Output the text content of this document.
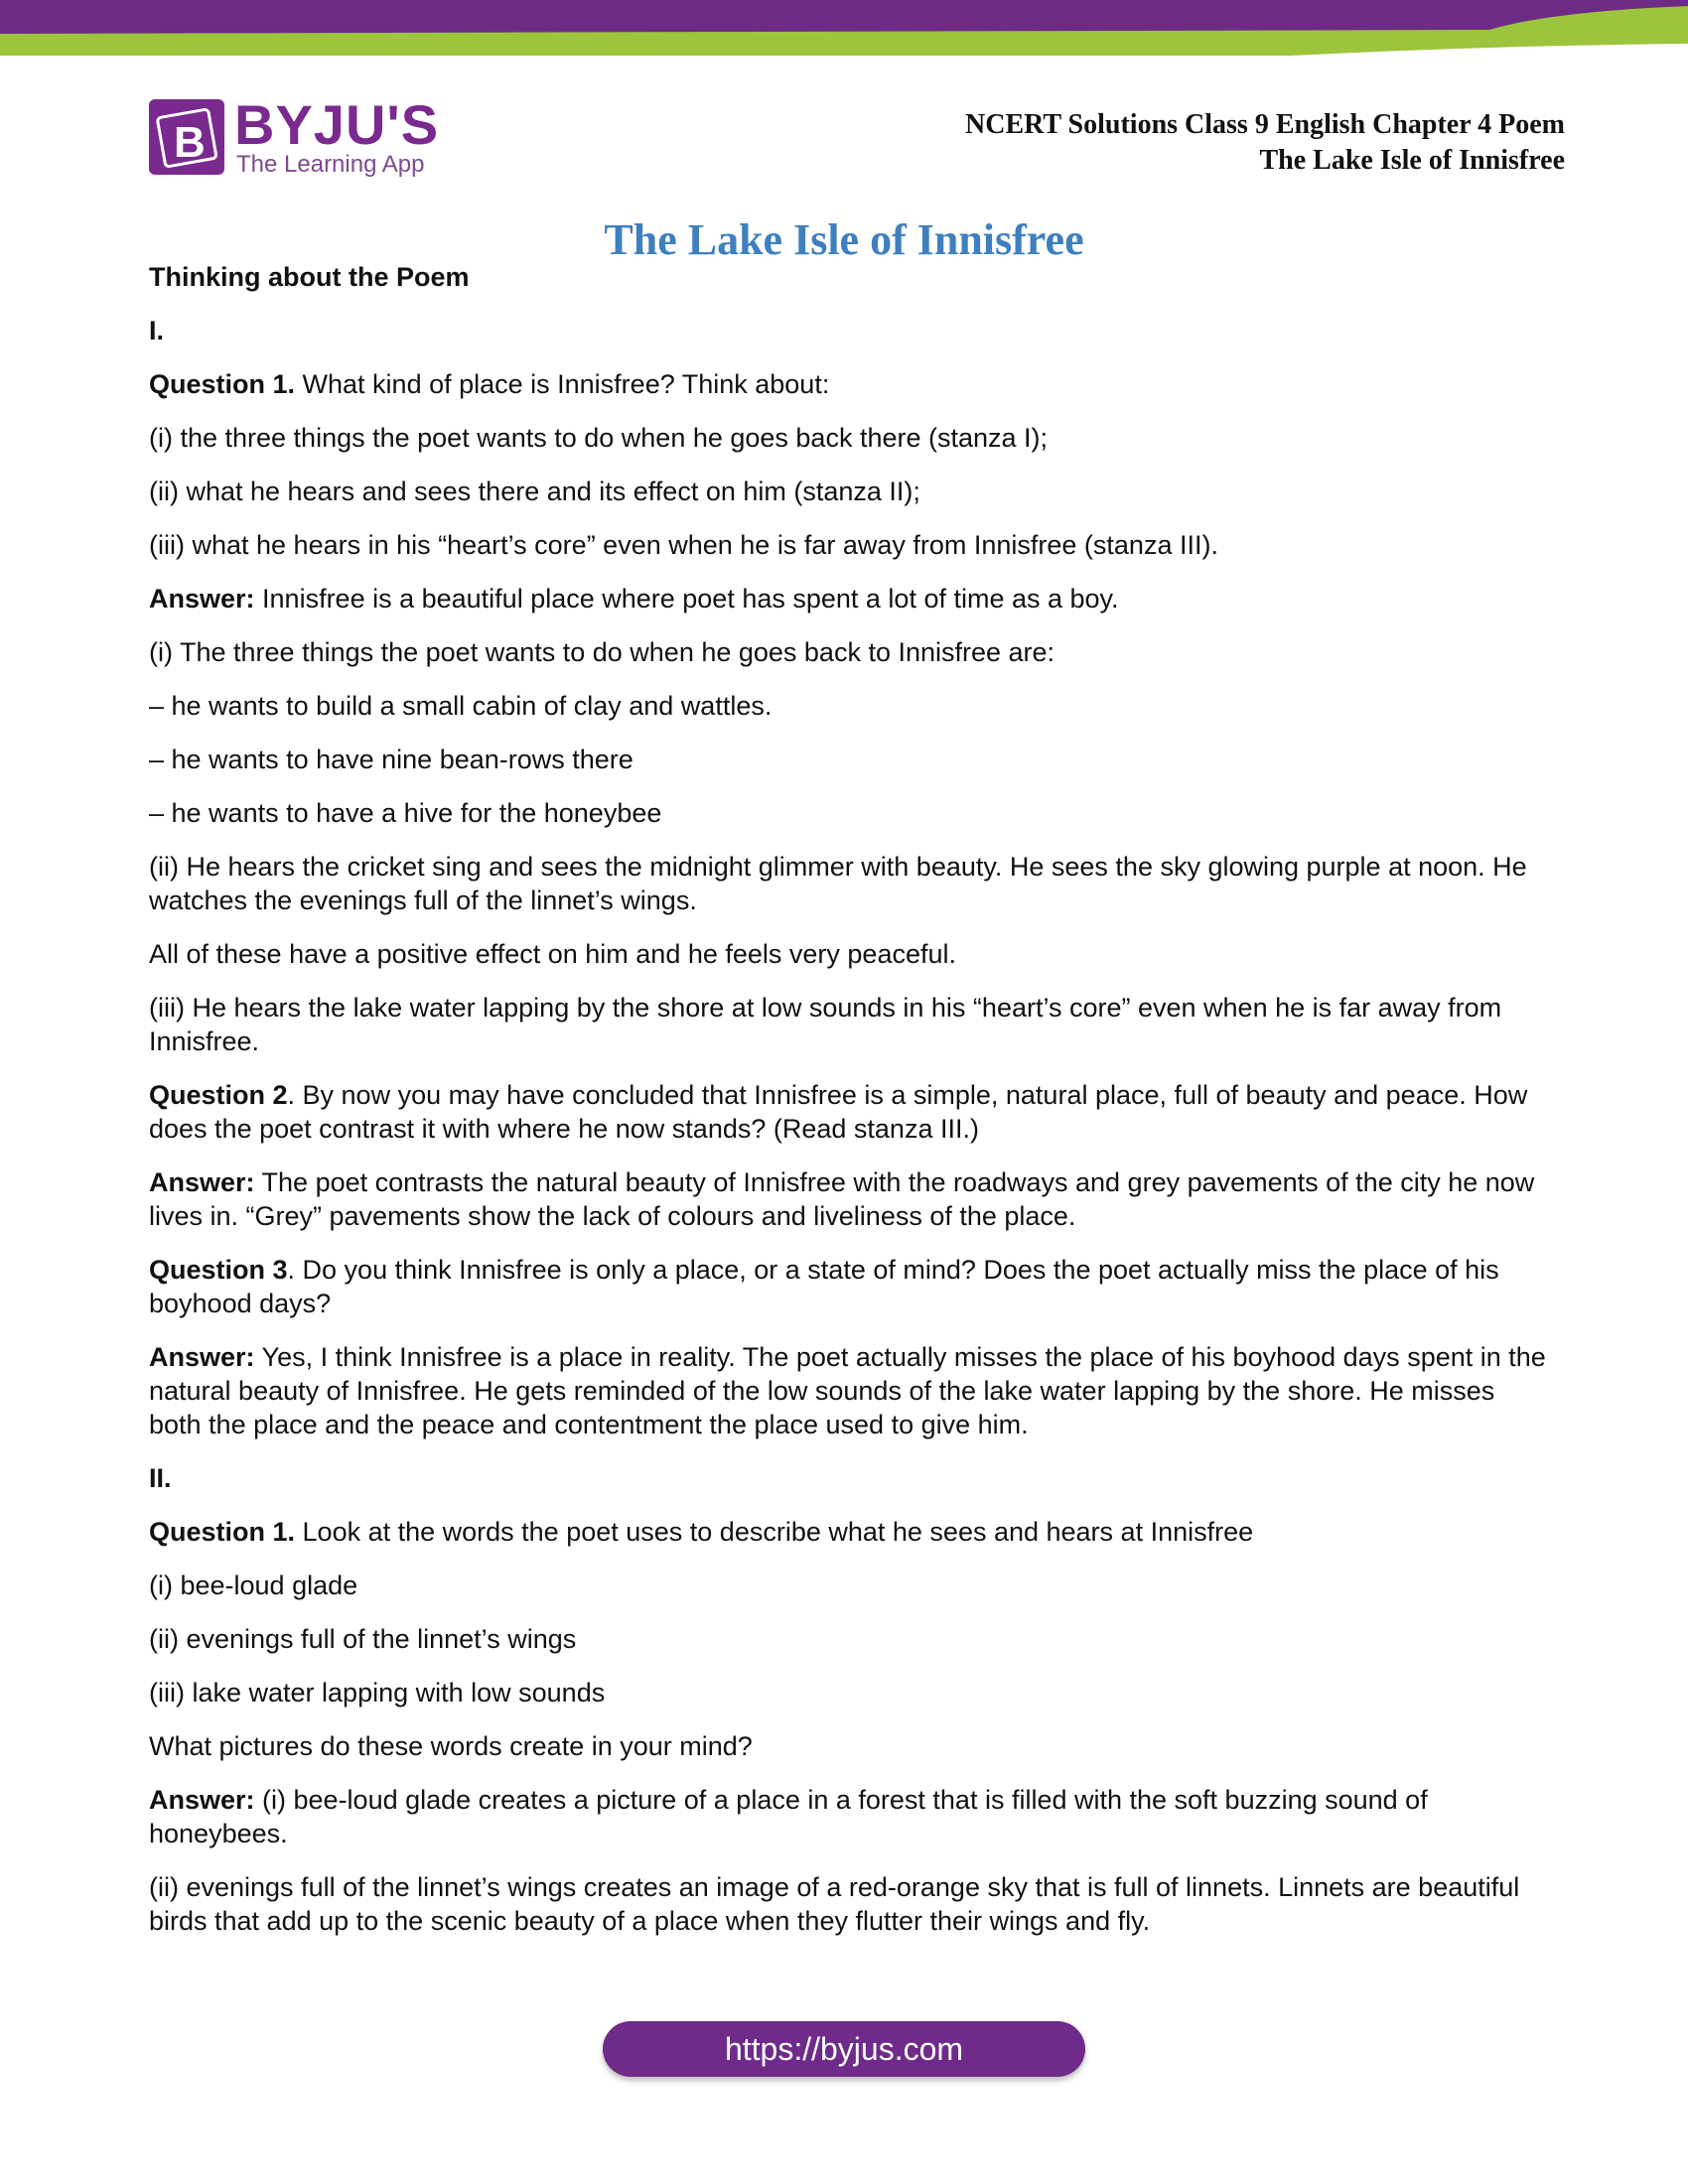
B BYJU'S
The Learning App
NCERT Solutions Class 9 English Chapter 4 Poem
The Lake Isle of Innisfree
The Lake Isle of Innisfree

Thinking about the Poem

I.

Question 1. What kind of place is Innisfree? Think about:

(i) the three things the poet wants to do when he goes back there (stanza I);

(ii) what he hears and sees there and its effect on him (stanza II);

(iii) what he hears in his “heart’s core” even when he is far away from Innisfree (stanza III).

Answer: Innisfree is a beautiful place where poet has spent a lot of time as a boy.

(i) The three things the poet wants to do when he goes back to Innisfree are:

– he wants to build a small cabin of clay and wattles.

– he wants to have nine bean-rows there

– he wants to have a hive for the honeybee

(ii) He hears the cricket sing and sees the midnight glimmer with beauty. He sees the sky glowing purple at noon. He watches the evenings full of the linnet’s wings.

All of these have a positive effect on him and he feels very peaceful.

(iii) He hears the lake water lapping by the shore at low sounds in his “heart’s core” even when he is far away from Innisfree.

Question 2. By now you may have concluded that Innisfree is a simple, natural place, full of beauty and peace. How does the poet contrast it with where he now stands? (Read stanza III.)

Answer: The poet contrasts the natural beauty of Innisfree with the roadways and grey pavements of the city he now lives in. “Grey” pavements show the lack of colours and liveliness of the place.

Question 3. Do you think Innisfree is only a place, or a state of mind? Does the poet actually miss the place of his boyhood days?

Answer: Yes, I think Innisfree is a place in reality. The poet actually misses the place of his boyhood days spent in the natural beauty of Innisfree. He gets reminded of the low sounds of the lake water lapping by the shore. He misses both the place and the peace and contentment the place used to give him.

II.

Question 1. Look at the words the poet uses to describe what he sees and hears at Innisfree

(i) bee-loud glade

(ii) evenings full of the linnet’s wings

(iii) lake water lapping with low sounds

What pictures do these words create in your mind?

Answer: (i) bee-loud glade creates a picture of a place in a forest that is filled with the soft buzzing sound of honeybees.

(ii) evenings full of the linnet’s wings creates an image of a red-orange sky that is full of linnets. Linnets are beautiful birds that add up to the scenic beauty of a place when they flutter their wings and fly.

https://byjus.com
